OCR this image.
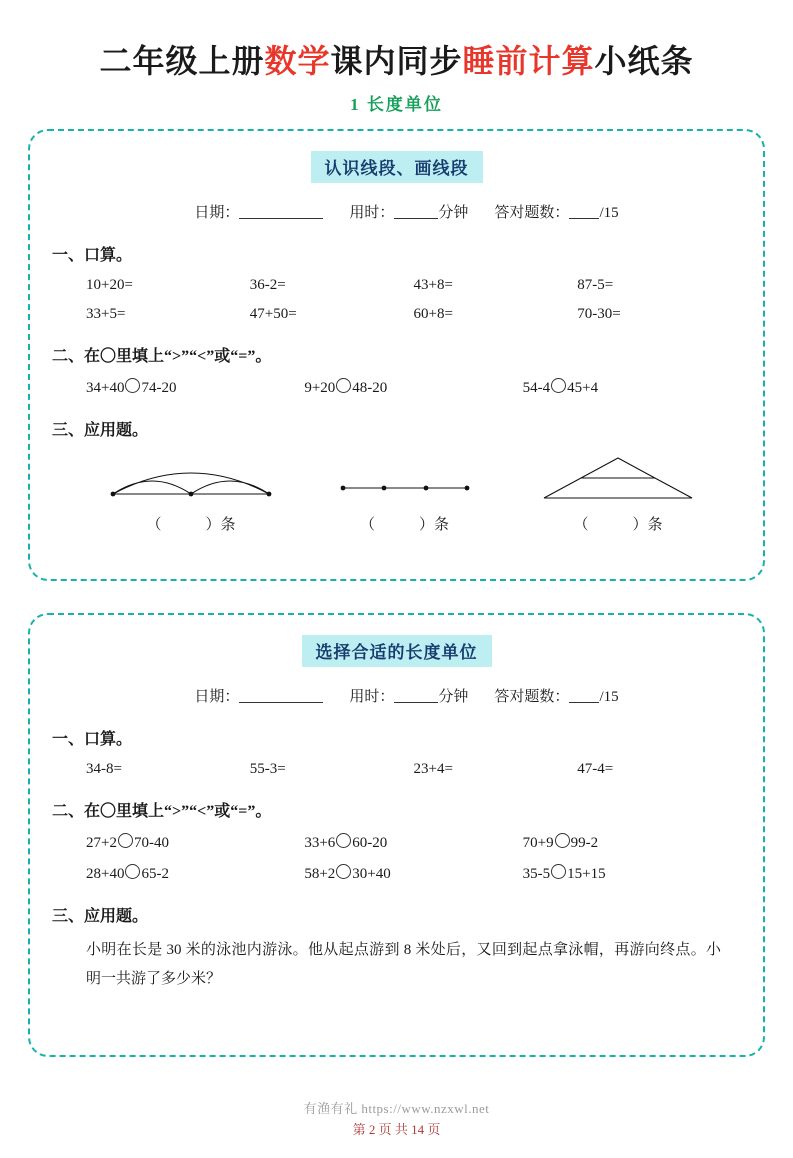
二年级上册数学课内同步睡前计算小纸条
1 长度单位
认识线段、画线段
日期：	用时：	分钟 答对题数： /15
一、口算。
10+20=	36-2=	43+8=	87-5=
33+5=	47+50=	60+8=	70-30=
二、在〇里填上“>”“<”或“=”。
34+40 74-20	9+20 48-20	54-4 45+4
三、应用题。
（	）条	（	）条	（	）条
选择合适的长度单位
日期：	用时：	分钟 答对题数： /15
一、口算。
34-8=	55-3=	23+4=	47-4=
二、在〇里填上“>”“<”或“=”。
27+2 70-40	33+6 60-20	70+9 99-2
28+40 65-2	58+2 30+40	35-5 15+15
三、应用题。
小明在长是 30 米的泳池内游泳。他从起点游到 8 米处后，又回到起点拿泳帽，再游向终点。小明一共游了多少米？
有渔有礼 https://www.nzxwl.net
第 2 页 共 14 页
